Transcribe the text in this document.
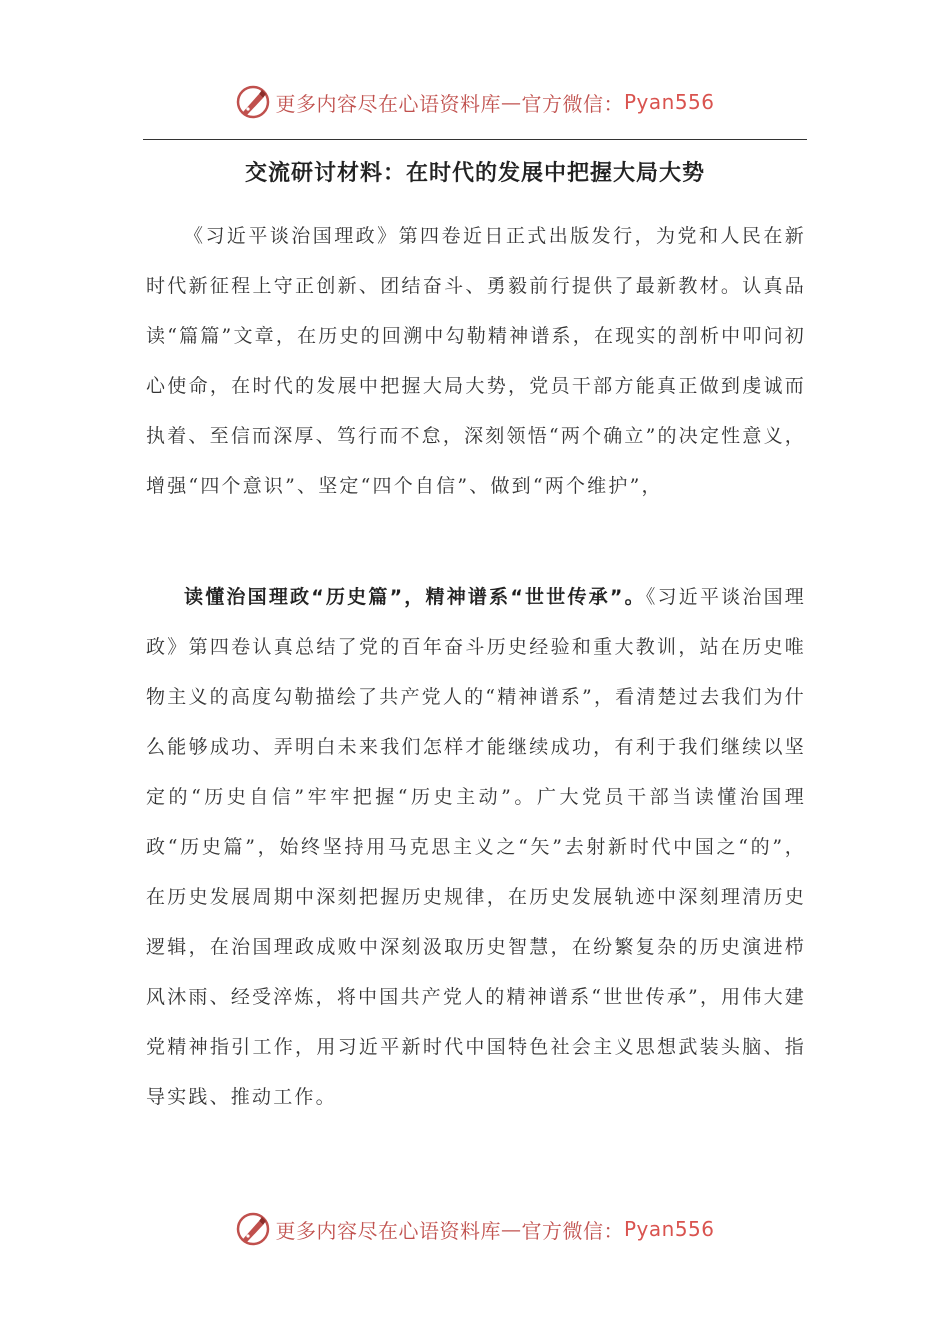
更多内容尽在心语资料库 — 官方微信： Pyan556
交流研讨材料：在时代的发展中把握大局大势

《习近平谈治国理政》第四卷近日正式出版发行，为党和人民在新时代新征程上守正创新、团结奋斗、勇毅前行提供了最新教材。认真品读“篇篇”文章，在历史的回溯中勾勒精神谱系，在现实的剖析中叩问初心使命，在时代的发展中把握大局大势，党员干部方能真正做到虔诚而执着、至信而深厚、笃行而不怠，深刻领悟“两个确立”的决定性意义，增强“四个意识”、坚定“四个自信”、做到“两个维护”，

读懂治国理政“历史篇”，精神谱系“世世传承”。《习近平谈治国理政》第四卷认真总结了党的百年奋斗历史经验和重大教训，站在历史唯物主义的高度勾勒描绘了共产党人的“精神谱系”，看清楚过去我们为什么能够成功、弄明白未来我们怎样才能继续成功，有利于我们继续以坚定的“历史自信”牢牢把握“历史主动”。广大党员干部当读懂治国理政“历史篇”，始终坚持用马克思主义之“矢”去射新时代中国之“的”，在历史发展周期中深刻把握历史规律，在历史发展轨迹中深刻理清历史逻辑，在治国理政成败中深刻汲取历史智慧，在纷繁复杂的历史演进栉风沐雨、经受淬炼，将中国共产党人的精神谱系“世世传承”，用伟大建党精神指引工作，用习近平新时代中国特色社会主义思想武装头脑、指导实践、推动工作。

更多内容尽在心语资料库 — 官方微信： Pyan556
